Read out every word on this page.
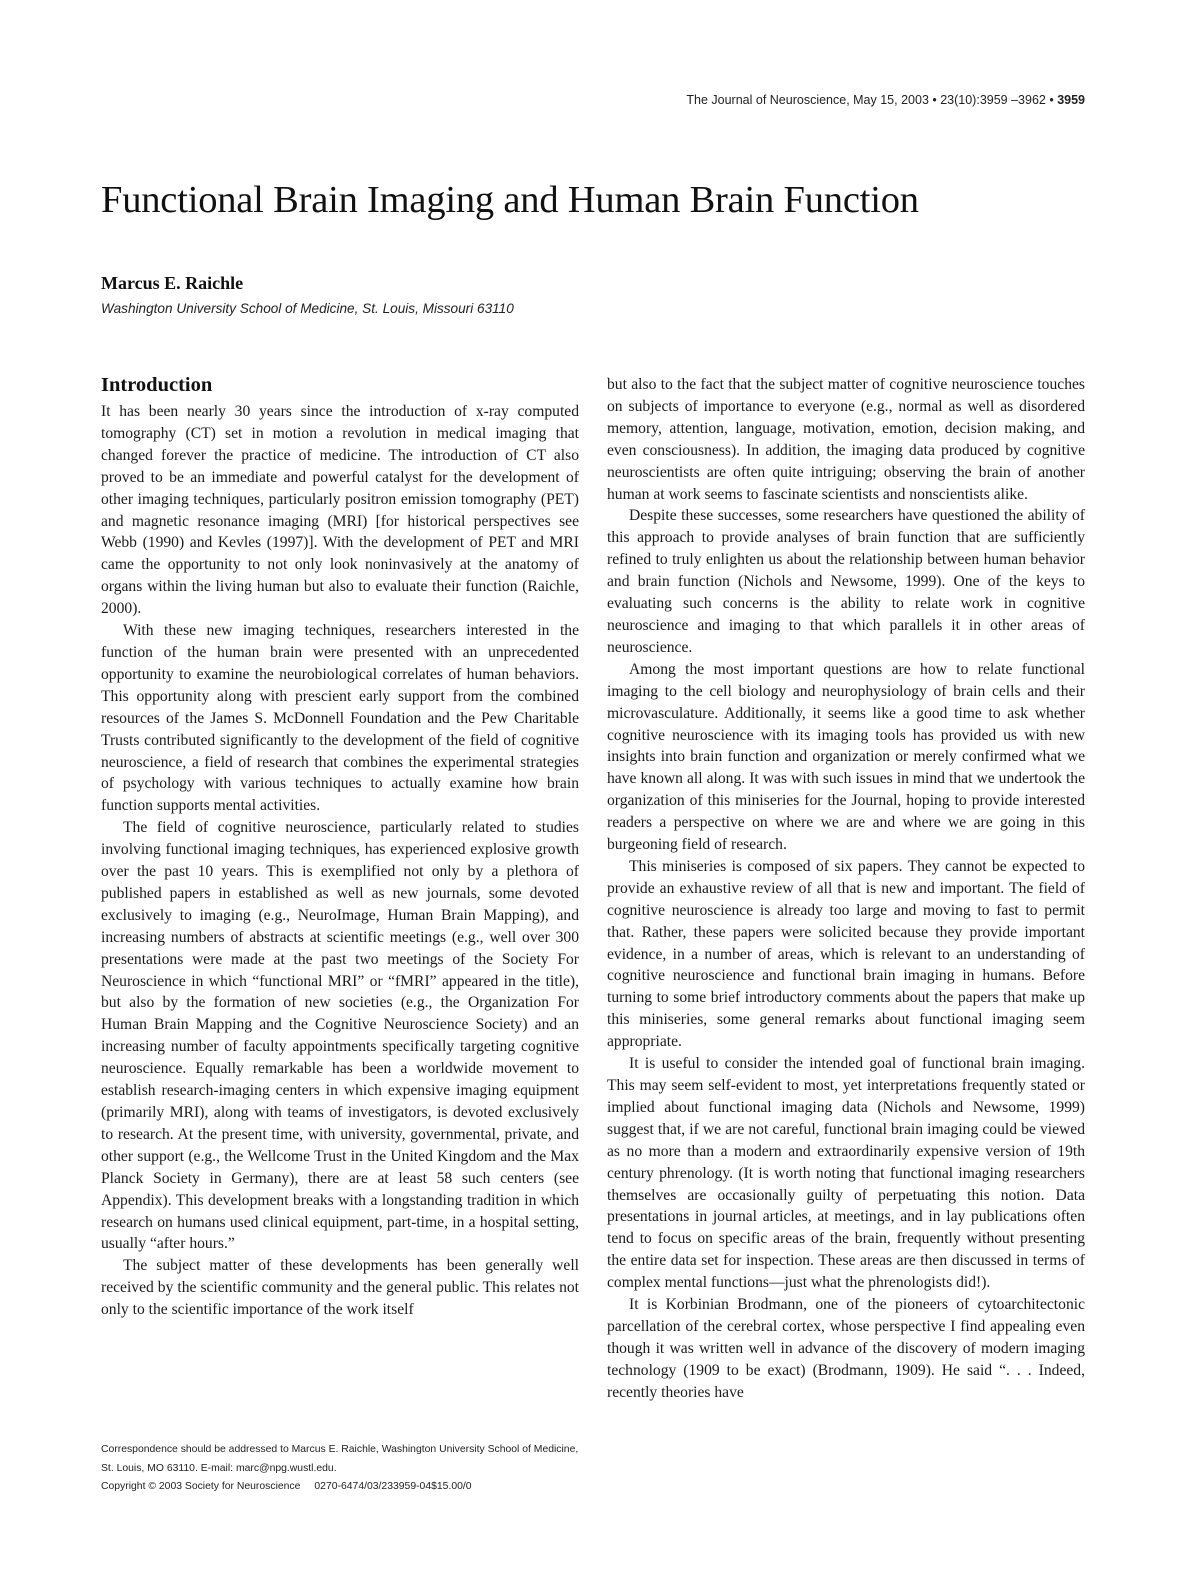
The Journal of Neuroscience, May 15, 2003 • 23(10):3959 –3962 • 3959
Functional Brain Imaging and Human Brain Function

Marcus E. Raichle

Washington University School of Medicine, St. Louis, Missouri 63110

Introduction

It has been nearly 30 years since the introduction of x-ray computed tomography (CT) set in motion a revolution in medical imaging that changed forever the practice of medicine. The introduction of CT also proved to be an immediate and powerful catalyst for the development of other imaging techniques, particularly positron emission tomography (PET) and magnetic resonance imaging (MRI) [for historical perspectives see Webb (1990) and Kevles (1997)]. With the development of PET and MRI came the opportunity to not only look noninvasively at the anatomy of organs within the living human but also to evaluate their function (Raichle, 2000).

With these new imaging techniques, researchers interested in the function of the human brain were presented with an unprecedented opportunity to examine the neurobiological correlates of human behaviors. This opportunity along with prescient early support from the combined resources of the James S. McDonnell Foundation and the Pew Charitable Trusts contributed significantly to the development of the field of cognitive neuroscience, a field of research that combines the experimental strategies of psychology with various techniques to actually examine how brain function supports mental activities.

The field of cognitive neuroscience, particularly related to studies involving functional imaging techniques, has experienced explosive growth over the past 10 years. This is exemplified not only by a plethora of published papers in established as well as new journals, some devoted exclusively to imaging (e.g., NeuroImage, Human Brain Mapping), and increasing numbers of abstracts at scientific meetings (e.g., well over 300 presentations were made at the past two meetings of the Society For Neuroscience in which “functional MRI” or “fMRI” appeared in the title), but also by the formation of new societies (e.g., the Organization For Human Brain Mapping and the Cognitive Neuroscience Society) and an increasing number of faculty appointments specifically targeting cognitive neuroscience. Equally remarkable has been a worldwide movement to establish research-imaging centers in which expensive imaging equipment (primarily MRI), along with teams of investigators, is devoted exclusively to research. At the present time, with university, governmental, private, and other support (e.g., the Wellcome Trust in the United Kingdom and the Max Planck Society in Germany), there are at least 58 such centers (see Appendix). This development breaks with a longstanding tradition in which research on humans used clinical equipment, part-time, in a hospital setting, usually “after hours.”

The subject matter of these developments has been generally well received by the scientific community and the general public. This relates not only to the scientific importance of the work itself

but also to the fact that the subject matter of cognitive neuroscience touches on subjects of importance to everyone (e.g., normal as well as disordered memory, attention, language, motivation, emotion, decision making, and even consciousness). In addition, the imaging data produced by cognitive neuroscientists are often quite intriguing; observing the brain of another human at work seems to fascinate scientists and nonscientists alike.

Despite these successes, some researchers have questioned the ability of this approach to provide analyses of brain function that are sufficiently refined to truly enlighten us about the relationship between human behavior and brain function (Nichols and Newsome, 1999). One of the keys to evaluating such concerns is the ability to relate work in cognitive neuroscience and imaging to that which parallels it in other areas of neuroscience.

Among the most important questions are how to relate functional imaging to the cell biology and neurophysiology of brain cells and their microvasculature. Additionally, it seems like a good time to ask whether cognitive neuroscience with its imaging tools has provided us with new insights into brain function and organization or merely confirmed what we have known all along. It was with such issues in mind that we undertook the organization of this miniseries for the Journal, hoping to provide interested readers a perspective on where we are and where we are going in this burgeoning field of research.

This miniseries is composed of six papers. They cannot be expected to provide an exhaustive review of all that is new and important. The field of cognitive neuroscience is already too large and moving to fast to permit that. Rather, these papers were solicited because they provide important evidence, in a number of areas, which is relevant to an understanding of cognitive neuroscience and functional brain imaging in humans. Before turning to some brief introductory comments about the papers that make up this miniseries, some general remarks about functional imaging seem appropriate.

It is useful to consider the intended goal of functional brain imaging. This may seem self-evident to most, yet interpretations frequently stated or implied about functional imaging data (Nichols and Newsome, 1999) suggest that, if we are not careful, functional brain imaging could be viewed as no more than a modern and extraordinarily expensive version of 19th century phrenology. (It is worth noting that functional imaging researchers themselves are occasionally guilty of perpetuating this notion. Data presentations in journal articles, at meetings, and in lay publications often tend to focus on specific areas of the brain, frequently without presenting the entire data set for inspection. These areas are then discussed in terms of complex mental functions—just what the phrenologists did!).

It is Korbinian Brodmann, one of the pioneers of cytoarchitectonic parcellation of the cerebral cortex, whose perspective I find appealing even though it was written well in advance of the discovery of modern imaging technology (1909 to be exact) (Brodmann, 1909). He said “. . . Indeed, recently theories have

Correspondence should be addressed to Marcus E. Raichle, Washington University School of Medicine, St. Louis, MO 63110. E-mail: marc@npg.wustl.edu.

Copyright © 2003 Society for Neuroscience 0270-6474/03/233959-04$15.00/0
